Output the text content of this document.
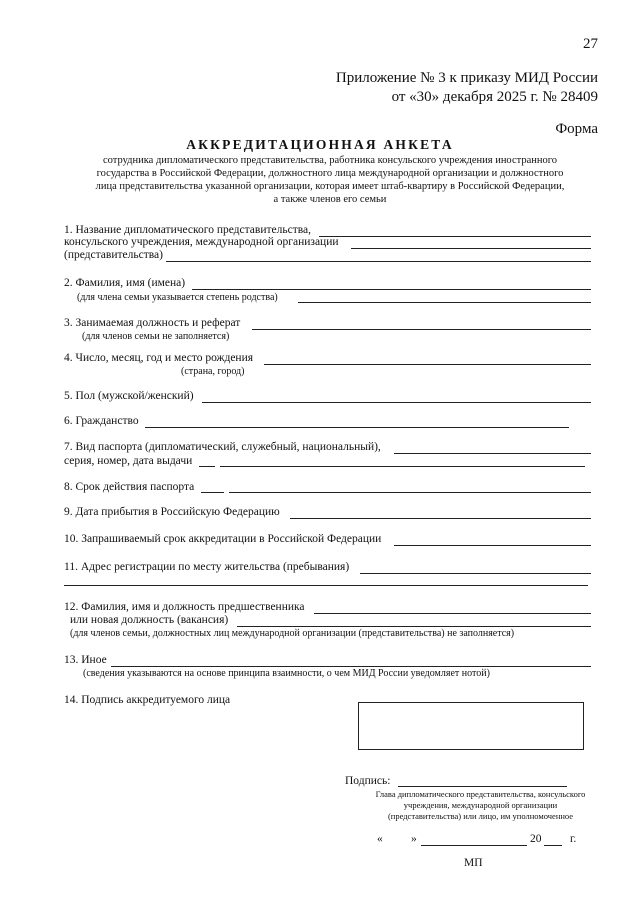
27
Приложение № 3 к приказу МИД России
от «30» декабря 2025 г. № 28409
Форма
АККРЕДИТАЦИОННАЯ АНКЕТА
сотрудника дипломатического представительства, работника консульского учреждения иностранного
государства в Российской Федерации, должностного лица международной организации и должностного
лица представительства указанной организации, которая имеет штаб-квартиру в Российской Федерации,
а также членов его семьи
1. Название дипломатического представительства,
консульского учреждения, международной организации
(представительства)
2. Фамилия, имя (имена)
(для члена семьи указывается степень родства)
3. Занимаемая должность и реферат
(для членов семьи не заполняется)
4. Число, месяц, год и место рождения
(страна, город)
5. Пол (мужской/женский)
6. Гражданство
7. Вид паспорта (дипломатический, служебный, национальный),
серия, номер, дата выдачи
8. Срок действия паспорта
9. Дата прибытия в Российскую Федерацию
10. Запрашиваемый срок аккредитации в Российской Федерации
11. Адрес регистрации по месту жительства (пребывания)
12. Фамилия, имя и должность предшественника
или новая должность (вакансия)
(для членов семьи, должностных лиц международной организации (представительства) не заполняется)
13. Иное
(сведения указываются на основе принципа взаимности, о чем МИД России уведомляет нотой)
14. Подпись аккредитуемого лица
Подпись:
Глава дипломатического представительства, консульского учреждения, международной организации (представительства) или лицо, им уполномоченное
« »	20 г.
МП
